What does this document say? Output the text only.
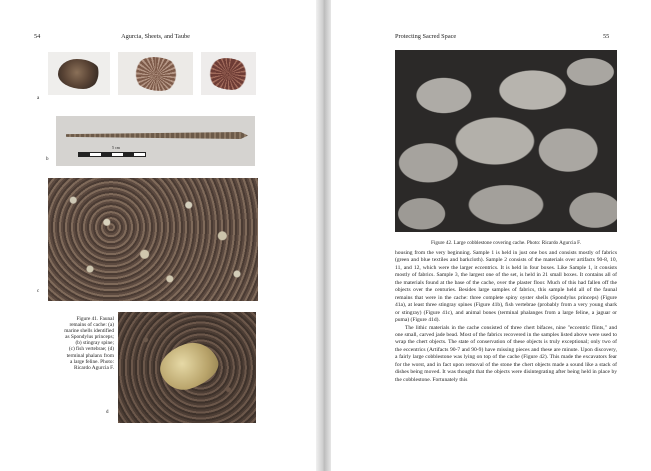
54	Agurcia, Sheets, and Taube
a
5 cm
b
c
Figure 41. Faunal
remains of cache: (a)
marine shells identified
as Spondylus princeps;
(b) stingray spine;
(c) fish vertebrae; (d)
terminal phalanx from
a large feline. Photo:
Ricardo Agurcia F.
d
Protecting Sacred Space	55
Figure 42. Large cobblestone covering cache. Photo: Ricardo Agurcia F.

housing from the very beginning. Sample 1 is held in just one box and consists mostly of fabrics (green and blue textiles and barkcloth). Sample 2 consists of the materials over artifacts 90-8, 10, 11, and 12, which were the larger eccentrics. It is held in four boxes. Like Sample 1, it consists mostly of fabrics. Sample 3, the largest one of the set, is held in 21 small boxes. It contains all of the materials found at the base of the cache, over the plaster floor. Much of this had fallen off the objects over the centuries. Besides large samples of fabrics, this sample held all of the faunal remains that were in the cache: three complete spiny oyster shells (Spondylus princeps) (Figure 41a), at least three stingray spines (Figure 41b), fish vertebrae (probably from a very young shark or stingray) (Figure 41c), and animal bones (terminal phalanges from a large feline, a jaguar or puma) (Figure 41d).

The lithic materials in the cache consisted of three chert bifaces, nine "eccentric flints," and one small, carved jade bead. Most of the fabrics recovered in the samples listed above were used to wrap the chert objects. The state of conservation of these objects is truly exceptional; only two of the eccentrics (Artifacts 90-7 and 90-9) have missing pieces and these are minute. Upon discovery, a fairly large cobblestone was lying on top of the cache (Figure 42). This made the excavators fear for the worst, and in fact upon removal of the stone the chert objects made a sound like a stack of dishes being moved. It was thought that the objects were disintegrating after being held in place by the cobblestone. Fortunately this
